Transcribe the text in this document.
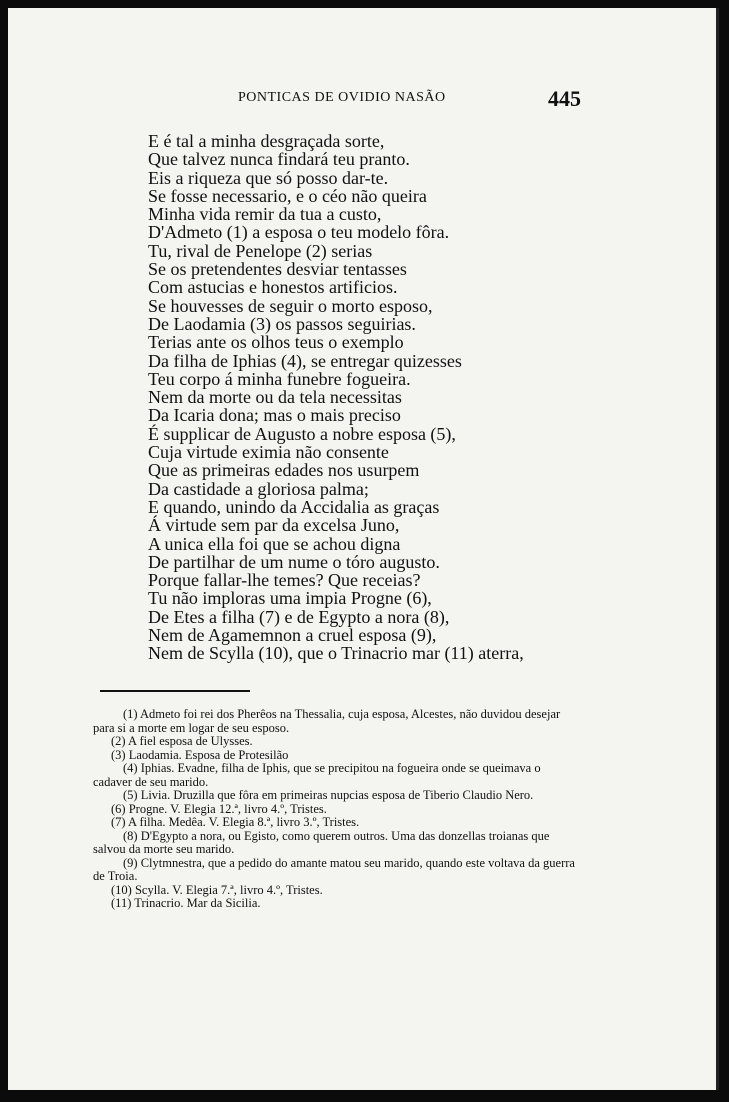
PONTICAS DE OVIDIO NASÃO	445
E é tal a minha desgraçada sorte,
Que talvez nunca findará teu pranto.
Eis a riqueza que só posso dar-te.
Se fosse necessario, e o céo não queira
Minha vida remir da tua a custo,
D'Admeto (1) a esposa o teu modelo fôra.
Tu, rival de Penelope (2) serias
Se os pretendentes desviar tentasses
Com astucias e honestos artificios.
Se houvesses de seguir o morto esposo,
De Laodamia (3) os passos seguirias.
Terias ante os olhos teus o exemplo
Da filha de Iphias (4), se entregar quizesses
Teu corpo á minha funebre fogueira.
Nem da morte ou da tela necessitas
Da Icaria dona; mas o mais preciso
É supplicar de Augusto a nobre esposa (5),
Cuja virtude eximia não consente
Que as primeiras edades nos usurpem
Da castidade a gloriosa palma;
E quando, unindo da Accidalia as graças
Á virtude sem par da excelsa Juno,
A unica ella foi que se achou digna
De partilhar de um nume o tóro augusto.
Porque fallar-lhe temes? Que receias?
Tu não imploras uma impia Progne (6),
De Etes a filha (7) e de Egypto a nora (8),
Nem de Agamemnon a cruel esposa (9),
Nem de Scylla (10), que o Trinacrio mar (11) aterra,

(1) Admeto foi rei dos Pherêos na Thessalia, cuja esposa, Alcestes, não duvidou desejar para si a morte em logar de seu esposo.

(2) A fiel esposa de Ulysses.

(3) Laodamia. Esposa de Protesilão

(4) Iphias. Evadne, filha de Iphis, que se precipitou na fogueira onde se queimava o cadaver de seu marido.

(5) Livia. Druzilla que fôra em primeiras nupcias esposa de Tiberio Claudio Nero.

(6) Progne. V. Elegia 12.ª, livro 4.º, Tristes.

(7) A filha. Medêa. V. Elegia 8.ª, livro 3.º, Tristes.

(8) D'Egypto a nora, ou Egisto, como querem outros. Uma das donzellas troianas que salvou da morte seu marido.

(9) Clytmnestra, que a pedido do amante matou seu marido, quando este voltava da guerra de Troia.

(10) Scylla. V. Elegia 7.ª, livro 4.º, Tristes.

(11) Trinacrio. Mar da Sicilia.
